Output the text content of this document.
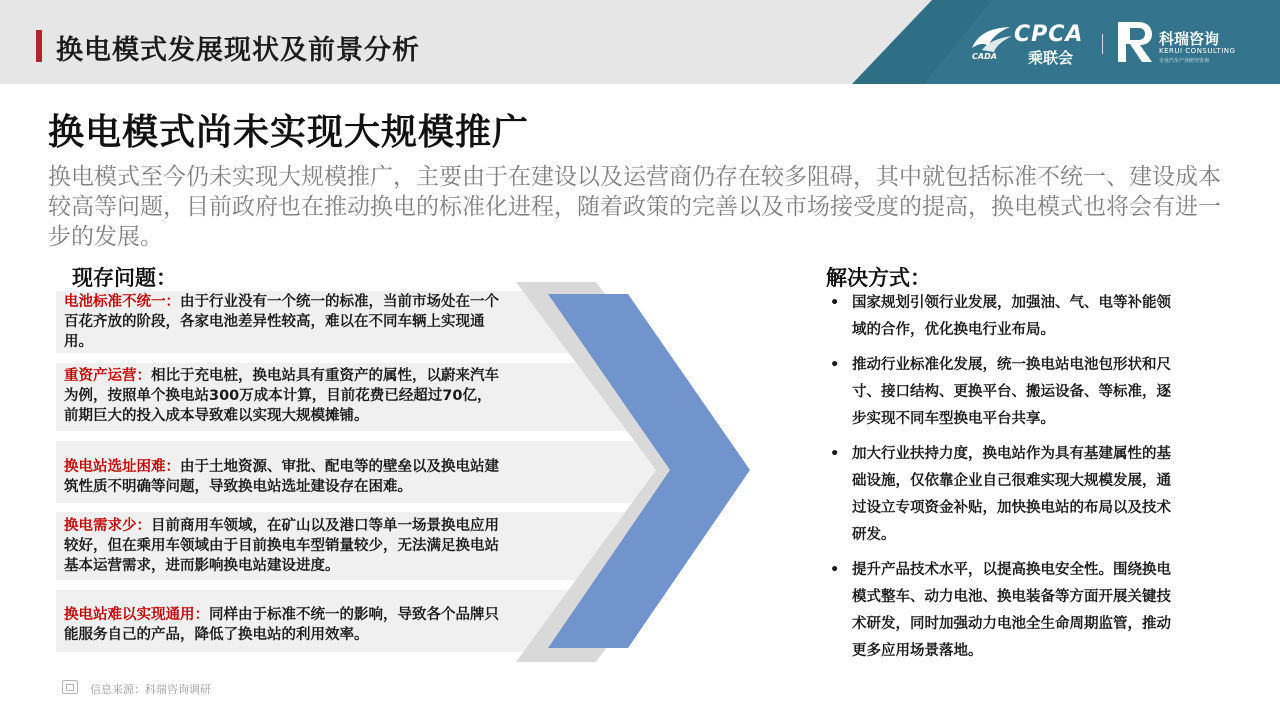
换电模式发展现状及前景分析
CPCA
乘联会
CADA
科瑞咨询
KERUI CONSULTING
专业汽车产业研究咨询
换电模式尚未实现大规模推广
换电模式至今仍未实现大规模推广，主要由于在建设以及运营商仍存在较多阻碍，其中就包括标准不统一、建设成本较高等问题，目前政府也在推动换电的标准化进程，随着政策的完善以及市场接受度的提高，换电模式也将会有进一步的发展。
现存问题：
电池标准不统一：由于行业没有一个统一的标准，当前市场处在一个百花齐放的阶段，各家电池差异性较高，难以在不同车辆上实现通用。
重资产运营：相比于充电桩，换电站具有重资产的属性，以蔚来汽车为例，按照单个换电站300万成本计算，目前花费已经超过70亿，前期巨大的投入成本导致难以实现大规模摊铺。
换电站选址困难：由于土地资源、审批、配电等的壁垒以及换电站建筑性质不明确等问题，导致换电站选址建设存在困难。
换电需求少：目前商用车领域，在矿山以及港口等单一场景换电应用较好，但在乘用车领域由于目前换电车型销量较少，无法满足换电站基本运营需求，进而影响换电站建设进度。
换电站难以实现通用：同样由于标准不统一的影响，导致各个品牌只能服务自己的产品，降低了换电站的利用效率。
解决方式：
• 国家规划引领行业发展，加强油、气、电等补能领域的合作，优化换电行业布局。
• 推动行业标准化发展，统一换电站电池包形状和尺寸、接口结构、更换平台、搬运设备、等标准，逐步实现不同车型换电平台共享。
• 加大行业扶持力度，换电站作为具有基建属性的基础设施，仅依靠企业自己很难实现大规模发展，通过设立专项资金补贴，加快换电站的布局以及技术研发。
• 提升产品技术水平，以提高换电安全性。围绕换电模式整车、动力电池、换电装备等方面开展关键技术研发，同时加强动力电池全生命周期监管，推动更多应用场景落地。
信息来源：科瑞咨询调研
